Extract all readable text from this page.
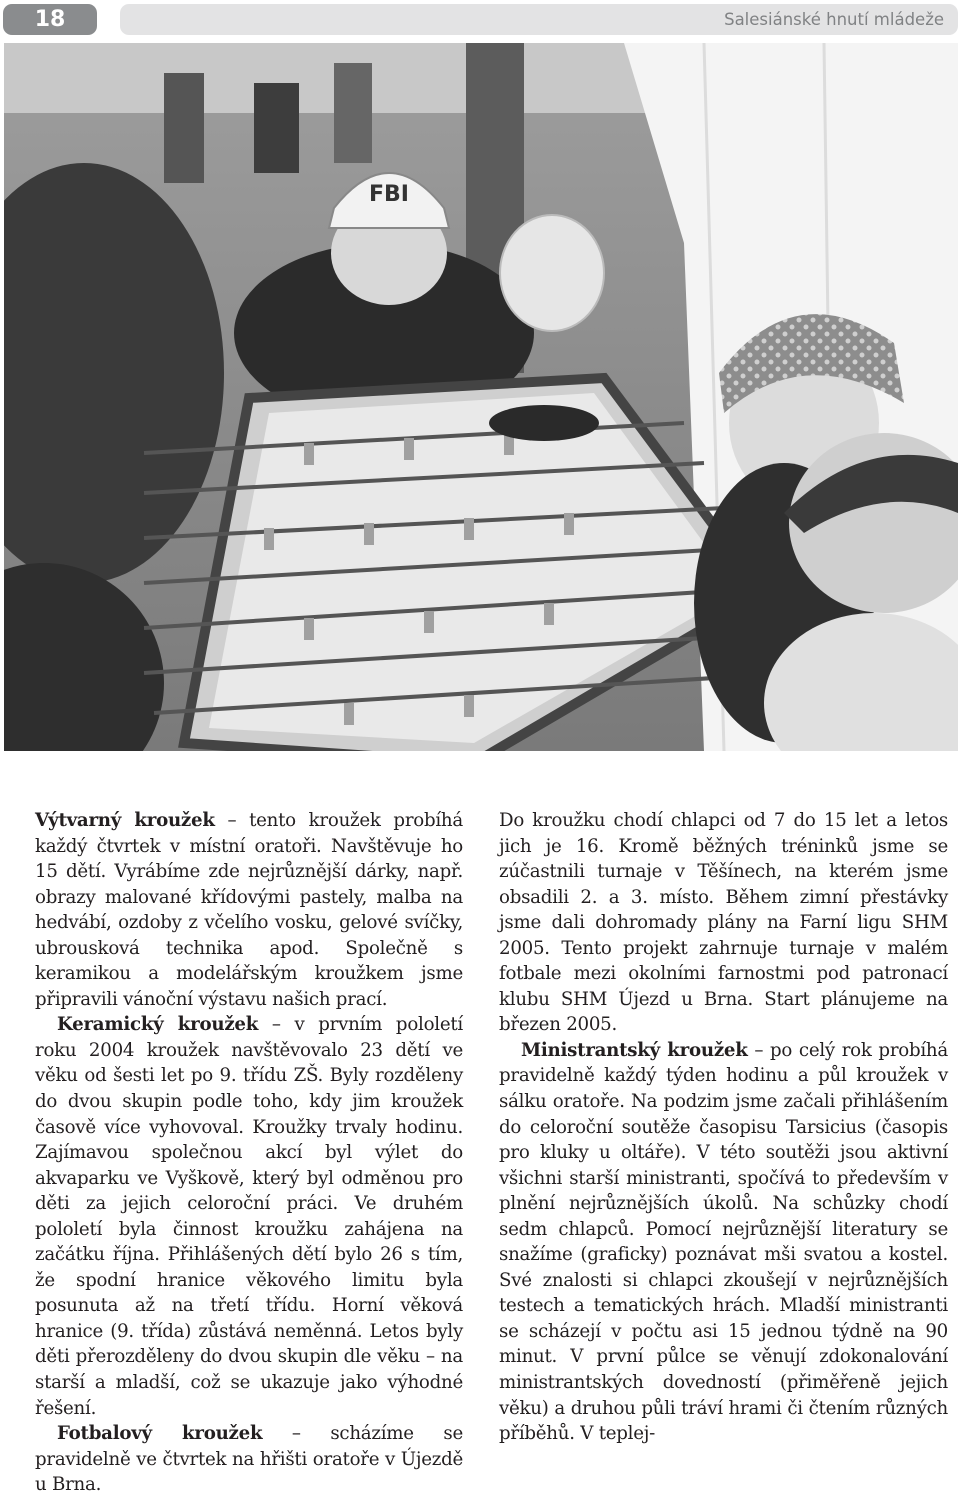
18	Salesiánské hnutí mládeže
FBI

Výtvarný kroužek – tento kroužek probíhá každý čtvrtek v místní oratoři. Navštěvuje ho 15 dětí. Vyrábíme zde nejrůznější dárky, např. obrazy malované křídovými pastely, malba na hedvábí, ozdoby z včelího vosku, gelové svíčky, ubrousková technika apod. Společně s keramikou a modelářským kroužkem jsme připravili vánoční výstavu našich prací.

Keramický kroužek – v prvním pololetí roku 2004 kroužek navštěvovalo 23 dětí ve věku od šesti let po 9. třídu ZŠ. Byly rozděleny do dvou skupin podle toho, kdy jim kroužek časově více vyhovoval. Kroužky trvaly hodinu. Zajímavou společnou akcí byl výlet do akvaparku ve Vyškově, který byl odměnou pro děti za jejich celoroční práci. Ve druhém pololetí byla činnost kroužku zahájena na začátku října. Přihlášených dětí bylo 26 s tím, že spodní hranice věkového limitu byla posunuta až na třetí třídu. Horní věková hranice (9. třída) zůstává neměnná. Letos byly děti přerozděleny do dvou skupin dle věku – na starší a mladší, což se ukazuje jako výhodné řešení.

Fotbalový kroužek – scházíme se pravidelně ve čtvrtek na hřišti oratoře v Újezdě u Brna.

Do kroužku chodí chlapci od 7 do 15 let a letos jich je 16. Kromě běžných tréninků jsme se zúčastnili turnaje v Těšínech, na kterém jsme obsadili 2. a 3. místo. Během zimní přestávky jsme dali dohromady plány na Farní ligu SHM 2005. Tento projekt zahrnuje turnaje v malém fotbale mezi okolními farnostmi pod patronací klubu SHM Újezd u Brna. Start plánujeme na březen 2005.

Ministrantský kroužek – po celý rok probíhá pravidelně každý týden hodinu a půl kroužek v sálku oratoře. Na podzim jsme začali přihlášením do celoroční soutěže časopisu Tarsicius (časopis pro kluky u oltáře). V této soutěži jsou aktivní všichni starší ministranti, spočívá to především v plnění nejrůznějších úkolů. Na schůzky chodí sedm chlapců. Pomocí nejrůznější literatury se snažíme (graficky) poznávat mši svatou a kostel. Své znalosti si chlapci zkoušejí v nejrůznějších testech a tematických hrách. Mladší ministranti se scházejí v počtu asi 15 jednou týdně na 90 minut. V první půlce se věnují zdokonalování ministrantských dovedností (přiměřeně jejich věku) a druhou půli tráví hrami či čtením různých příběhů. V teplej-
